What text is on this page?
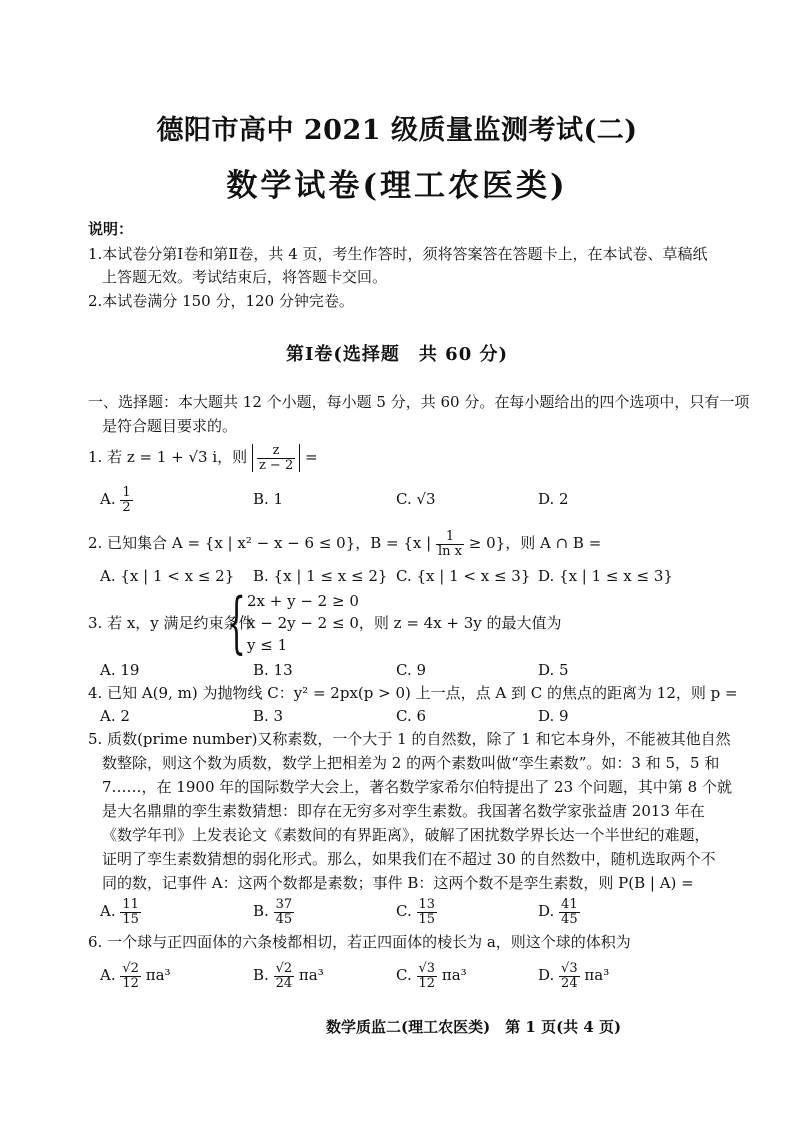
德阳市高中 2021 级质量监测考试(二)
数学试卷(理工农医类)
说明：
1.本试卷分第Ⅰ卷和第Ⅱ卷，共 4 页，考生作答时，须将答案答在答题卡上，在本试卷、草稿纸
上答题无效。考试结束后，将答题卡交回。
2.本试卷满分 150 分，120 分钟完卷。
第Ⅰ卷(选择题　共 60 分)
一、选择题：本大题共 12 个小题，每小题 5 分，共 60 分。在每小题给出的四个选项中，只有一项
是符合题目要求的。
1. 若 z = 1 + √3 i，则 $\frac{z}{z - 2}$ =
A. $\frac{1}{2}$	B. 1	C. √3	D. 2
2. 已知集合 A = {x | x² − x − 6 ≤ 0}，B = {x | $\frac{1}{\text{ln x}} \ge 0$}，则 A ∩ B =
A. {x | 1 < x ≤ 2} B. {x | 1 ≤ x ≤ 2} C. {x | 1 < x ≤ 3} D. {x | 1 ≤ x ≤ 3}
3. 若 x，y 满足约束条件
{ 2x + y − 2 ≥ 0
x − 2y − 2 ≤ 0，则 z = 4x + 3y 的最大值为
y ≤ 1
A. 19	B. 13	C. 9	D. 5
4. 已知 A(9, m) 为抛物线 C：y² = 2px(p > 0) 上一点，点 A 到 C 的焦点的距离为 12，则 p =
A. 2	B. 3	C. 6	D. 9
5. 质数(prime number)又称素数，一个大于 1 的自然数，除了 1 和它本身外，不能被其他自然
数整除，则这个数为质数，数学上把相差为 2 的两个素数叫做“孪生素数”。如：3 和 5，5 和
7……，在 1900 年的国际数学大会上，著名数学家希尔伯特提出了 23 个问题，其中第 8 个就
是大名鼎鼎的孪生素数猜想：即存在无穷多对孪生素数。我国著名数学家张益唐 2013 年在
《数学年刊》上发表论文《素数间的有界距离》，破解了困扰数学界长达一个半世纪的难题，
证明了孪生素数猜想的弱化形式。那么，如果我们在不超过 30 的自然数中，随机选取两个不
同的数，记事件 A：这两个数都是素数；事件 B：这两个数不是孪生素数，则 P(B | A) =
A. $\frac{11}{15}$	B. $\frac{37}{45}$	C. $\frac{13}{15}$	D. $\frac{41}{45}$
6. 一个球与正四面体的六条棱都相切，若正四面体的棱长为 a，则这个球的体积为
A. $\frac{√2}{12} \pi a^3$	B. $\frac{√2}{24} \pi a^3$	C. $\frac{√3}{12} \pi a^3$	D. $\frac{√3}{24} \pi a^3$
数学质监二(理工农医类)　第 1 页(共 4 页)
